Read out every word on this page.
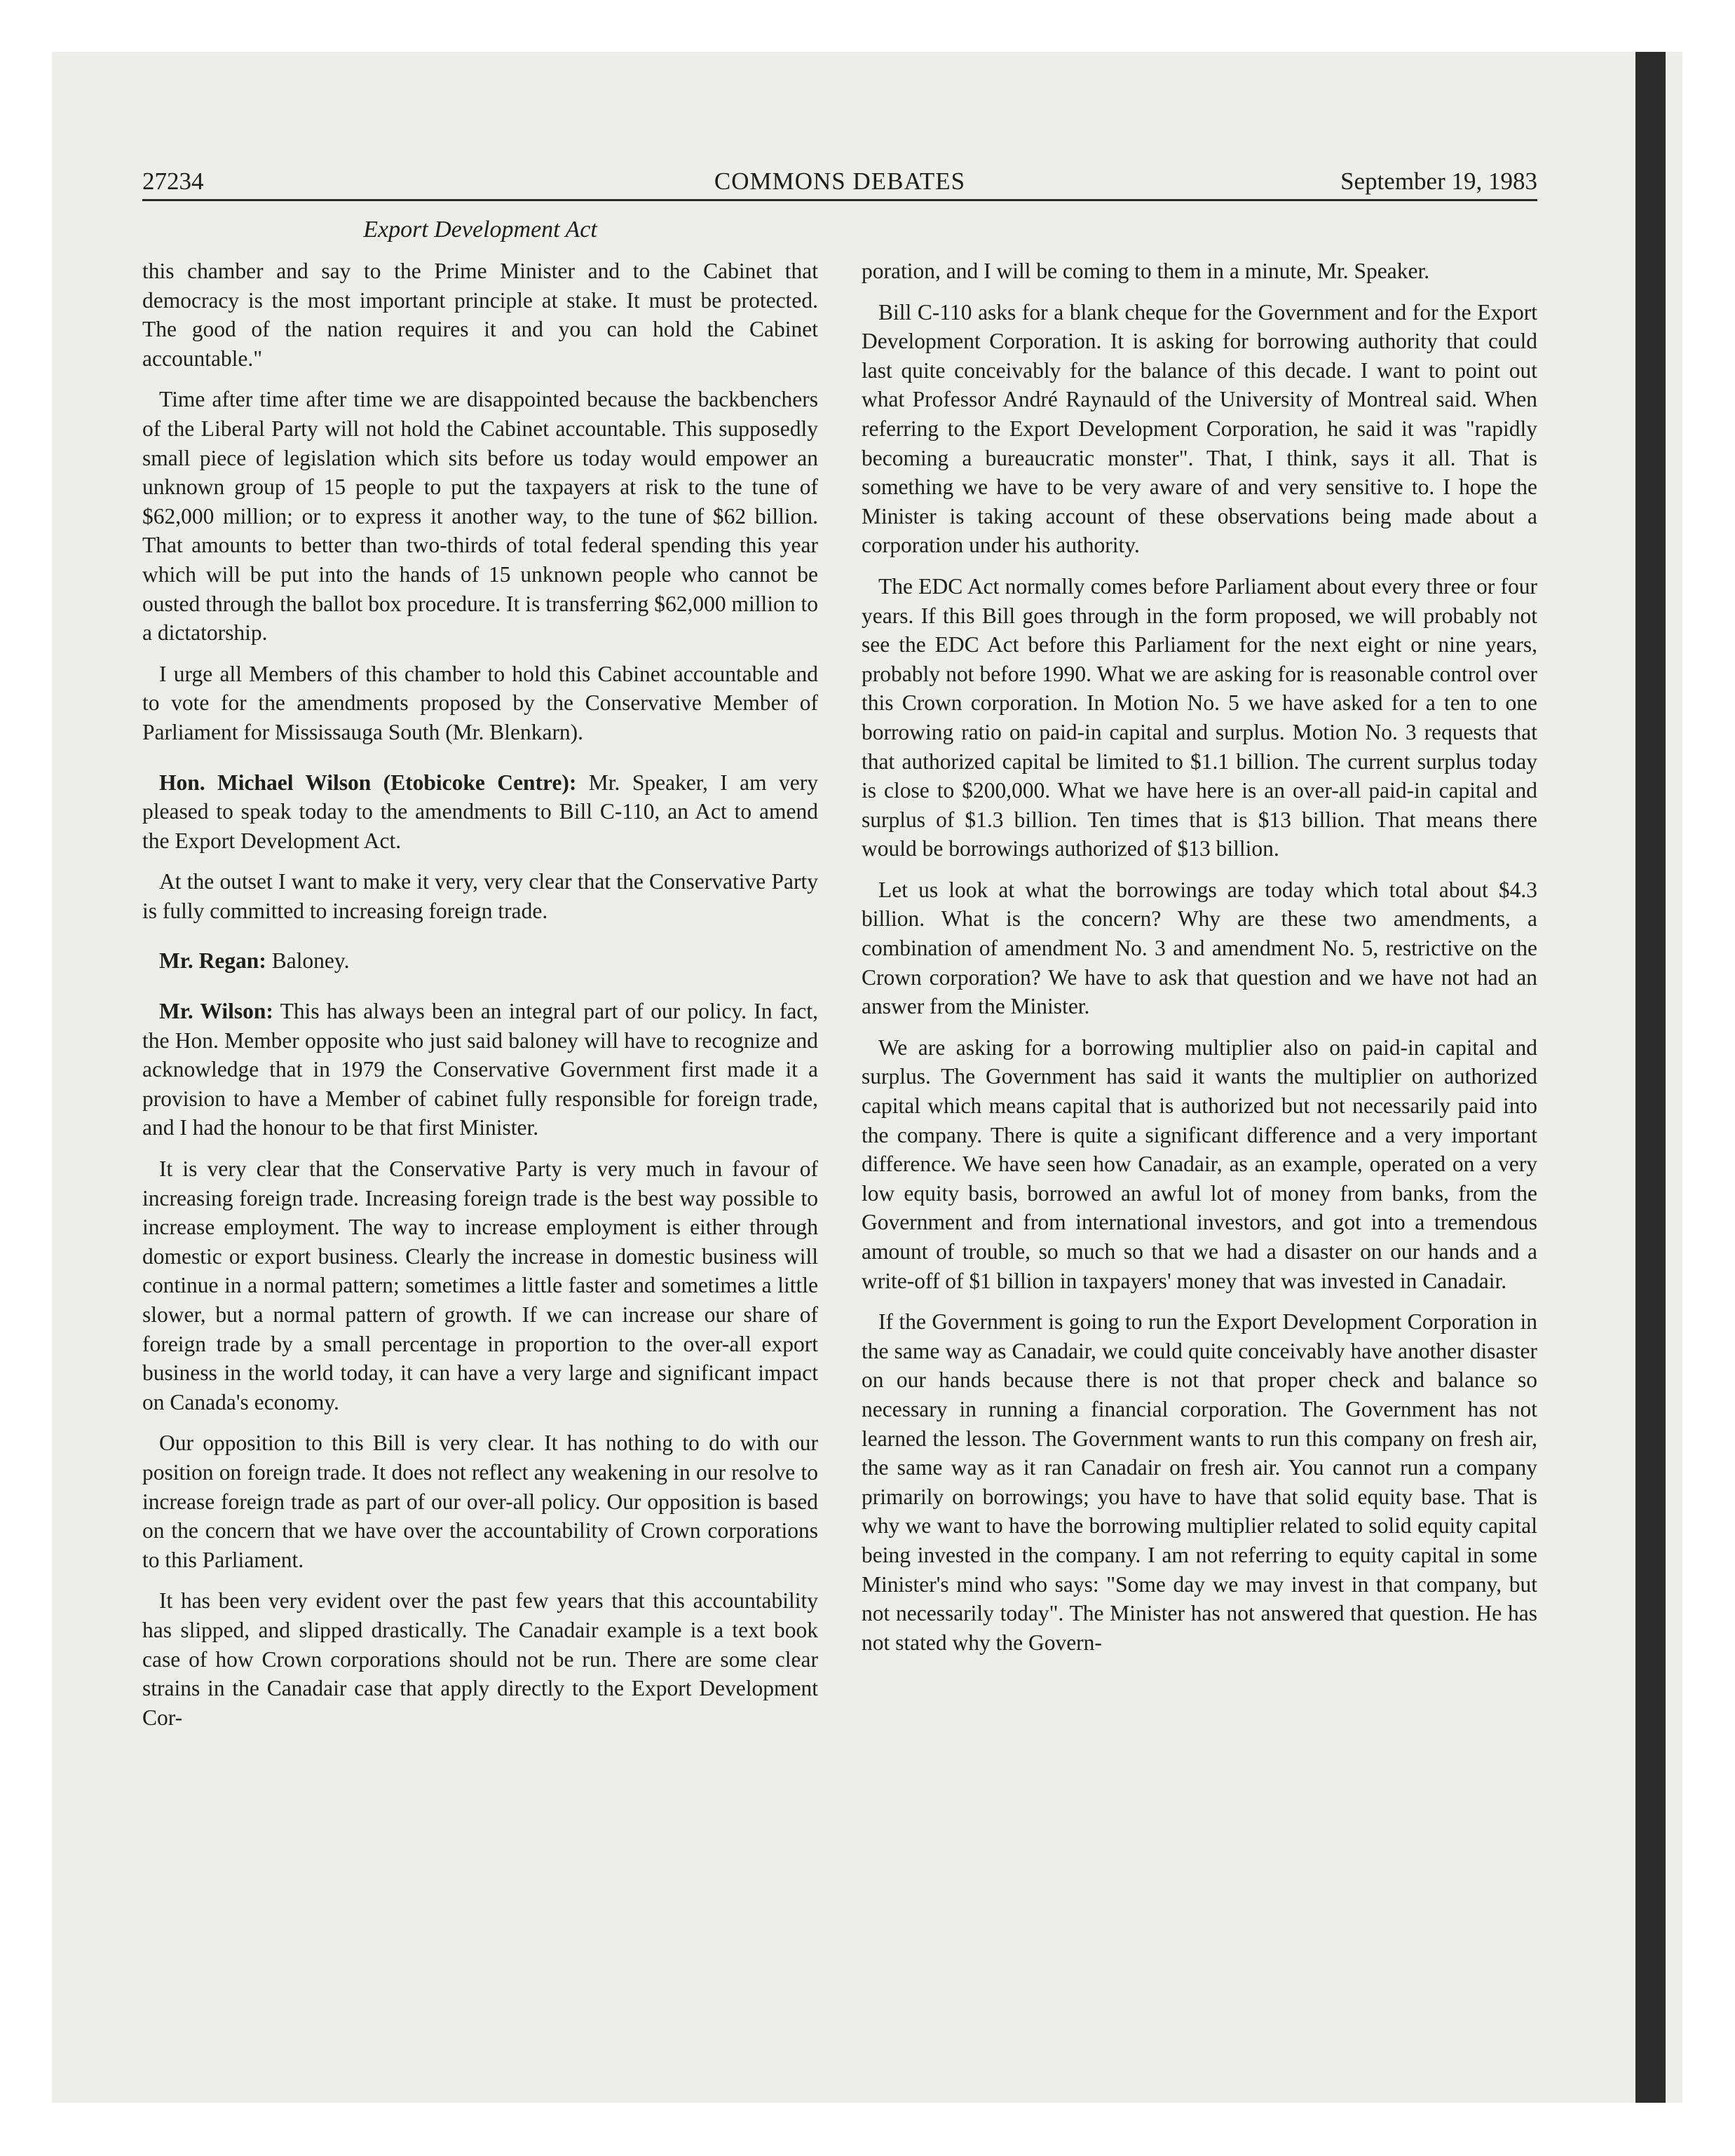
27234	COMMONS DEBATES	September 19, 1983
Export Development Act

this chamber and say to the Prime Minister and to the Cabinet that democracy is the most important principle at stake. It must be protected. The good of the nation requires it and you can hold the Cabinet accountable."

Time after time after time we are disappointed because the backbenchers of the Liberal Party will not hold the Cabinet accountable. This supposedly small piece of legislation which sits before us today would empower an unknown group of 15 people to put the taxpayers at risk to the tune of $62,000 million; or to express it another way, to the tune of $62 billion. That amounts to better than two-thirds of total federal spending this year which will be put into the hands of 15 unknown people who cannot be ousted through the ballot box procedure. It is transferring $62,000 million to a dictatorship.

I urge all Members of this chamber to hold this Cabinet accountable and to vote for the amendments proposed by the Conservative Member of Parliament for Mississauga South (Mr. Blenkarn).

Hon. Michael Wilson (Etobicoke Centre): Mr. Speaker, I am very pleased to speak today to the amendments to Bill C-110, an Act to amend the Export Development Act.

At the outset I want to make it very, very clear that the Conservative Party is fully committed to increasing foreign trade.

Mr. Regan: Baloney.

Mr. Wilson: This has always been an integral part of our policy. In fact, the Hon. Member opposite who just said baloney will have to recognize and acknowledge that in 1979 the Conservative Government first made it a provision to have a Member of cabinet fully responsible for foreign trade, and I had the honour to be that first Minister.

It is very clear that the Conservative Party is very much in favour of increasing foreign trade. Increasing foreign trade is the best way possible to increase employment. The way to increase employment is either through domestic or export business. Clearly the increase in domestic business will continue in a normal pattern; sometimes a little faster and sometimes a little slower, but a normal pattern of growth. If we can increase our share of foreign trade by a small percentage in proportion to the over-all export business in the world today, it can have a very large and significant impact on Canada's economy.

Our opposition to this Bill is very clear. It has nothing to do with our position on foreign trade. It does not reflect any weakening in our resolve to increase foreign trade as part of our over-all policy. Our opposition is based on the concern that we have over the accountability of Crown corporations to this Parliament.

It has been very evident over the past few years that this accountability has slipped, and slipped drastically. The Canadair example is a text book case of how Crown corporations should not be run. There are some clear strains in the Canadair case that apply directly to the Export Development Cor-

poration, and I will be coming to them in a minute, Mr. Speaker.

Bill C-110 asks for a blank cheque for the Government and for the Export Development Corporation. It is asking for borrowing authority that could last quite conceivably for the balance of this decade. I want to point out what Professor André Raynauld of the University of Montreal said. When referring to the Export Development Corporation, he said it was "rapidly becoming a bureaucratic monster". That, I think, says it all. That is something we have to be very aware of and very sensitive to. I hope the Minister is taking account of these observations being made about a corporation under his authority.

The EDC Act normally comes before Parliament about every three or four years. If this Bill goes through in the form proposed, we will probably not see the EDC Act before this Parliament for the next eight or nine years, probably not before 1990. What we are asking for is reasonable control over this Crown corporation. In Motion No. 5 we have asked for a ten to one borrowing ratio on paid-in capital and surplus. Motion No. 3 requests that that authorized capital be limited to $1.1 billion. The current surplus today is close to $200,000. What we have here is an over-all paid-in capital and surplus of $1.3 billion. Ten times that is $13 billion. That means there would be borrowings authorized of $13 billion.

Let us look at what the borrowings are today which total about $4.3 billion. What is the concern? Why are these two amendments, a combination of amendment No. 3 and amendment No. 5, restrictive on the Crown corporation? We have to ask that question and we have not had an answer from the Minister.

We are asking for a borrowing multiplier also on paid-in capital and surplus. The Government has said it wants the multiplier on authorized capital which means capital that is authorized but not necessarily paid into the company. There is quite a significant difference and a very important difference. We have seen how Canadair, as an example, operated on a very low equity basis, borrowed an awful lot of money from banks, from the Government and from international investors, and got into a tremendous amount of trouble, so much so that we had a disaster on our hands and a write-off of $1 billion in taxpayers' money that was invested in Canadair.

If the Government is going to run the Export Development Corporation in the same way as Canadair, we could quite conceivably have another disaster on our hands because there is not that proper check and balance so necessary in running a financial corporation. The Government has not learned the lesson. The Government wants to run this company on fresh air, the same way as it ran Canadair on fresh air. You cannot run a company primarily on borrowings; you have to have that solid equity base. That is why we want to have the borrowing multiplier related to solid equity capital being invested in the company. I am not referring to equity capital in some Minister's mind who says: "Some day we may invest in that company, but not necessarily today". The Minister has not answered that question. He has not stated why the Govern-
